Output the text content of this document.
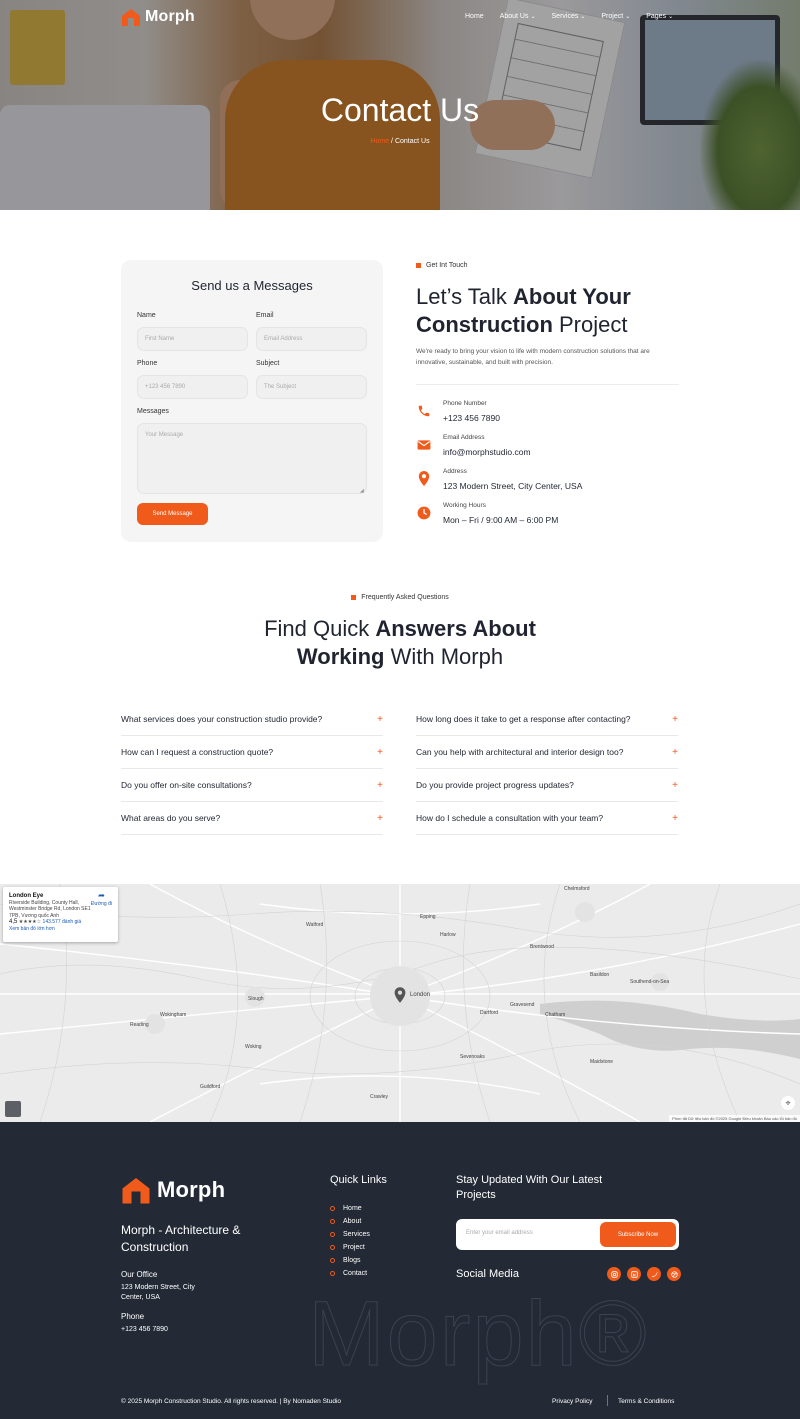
Morph	Home About Us ⌄ Services ⌄ Project ⌄ Pages ⌄
Contact Us
Home / Contact Us
Send us a Messages
Name	Email
First Name	Email Address
Phone	Subject
+123 456 7890	The Subject
Messages
Your Message
◢
Send Message
Get Int Touch
Let’s Talk About Your
Construction Project
We're ready to bring your vision to life with modern construction solutions that are innovative, sustainable, and built with precision.
Phone Number
+123 456 7890
Email Address
info@morphstudio.com
Address
123 Modern Street, City Center, USA
Working Hours
Mon – Fri / 9:00 AM – 6:00 PM
Frequently Asked Questions
Find Quick Answers About
Working With Morph
What services does your construction studio provide?	+
How can I request a construction quote?	+
Do you offer on-site consultations?	+
What areas do you serve?	+
How long does it take to get a response after contacting?	+
Can you help with architectural and interior design too?	+
Do you provide project progress updates?	+
How do I schedule a consultation with your team?	+
Chelmsford
Watford
London
Slough
Reading
Basildon
Southend-on-Sea
Harlow
Brentwood
Dartford
Crawley
Maidstone
Guildford
Gravesend
Chatham
Epping
Woking
Sevenoaks
Wokingham
London Eye
Riverside Building, County Hall, Westminster Bridge Rd, London SE1 7PB, Vương quốc Anh
4,5 ★★★★☆ 143.577 đánh giá
Xem bản đồ lớn hơn
➦
Đường đi
⌖
Phím tắt Dữ liệu bản đồ ©2025 Google Điều khoản Báo cáo lỗi bản đồ
Morph®
Morph
Morph - Architecture & Construction
Our Office
123 Modern Street, City Center, USA
Phone
+123 456 7890
Quick Links
Home
About
Services
Project
Blogs
Contact
Stay Updated With Our Latest Projects
Enter your email address	Subscribe Now
Social Media
© 2025 Morph Construction Studio. All rights reserved. | By Nomaden Studio	Privacy Policy	Terms & Conditions
